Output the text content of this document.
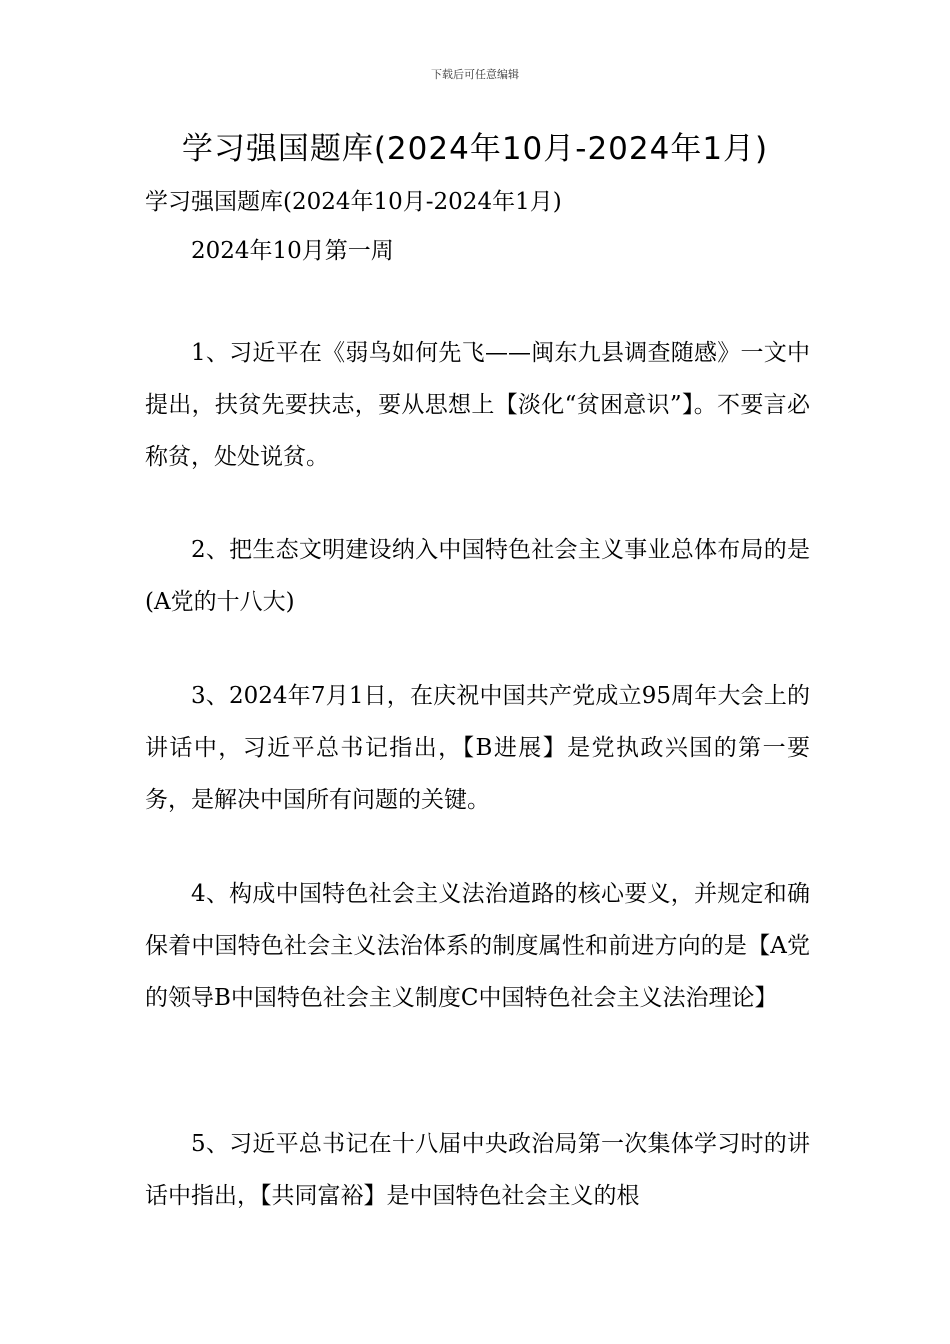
下载后可任意编辑
学习强国题库(2024年10月-2024年1月)
学习强国题库(2024年10月-2024年1月)
2024年10月第一周

1、习近平在《弱鸟如何先飞——闽东九县调查随感》一文中提出，扶贫先要扶志，要从思想上【淡化“贫困意识”】。不要言必称贫，处处说贫。

2、把生态文明建设纳入中国特色社会主义事业总体布局的是(A党的十八大)

3、2024年7月1日，在庆祝中国共产党成立95周年大会上的讲话中，习近平总书记指出，【B进展】是党执政兴国的第一要务，是解决中国所有问题的关键。

4、构成中国特色社会主义法治道路的核心要义，并规定和确保着中国特色社会主义法治体系的制度属性和前进方向的是【A党的领导B中国特色社会主义制度C中国特色社会主义法治理论】

5、习近平总书记在十八届中央政治局第一次集体学习时的讲话中指出，【共同富裕】是中国特色社会主义的根
